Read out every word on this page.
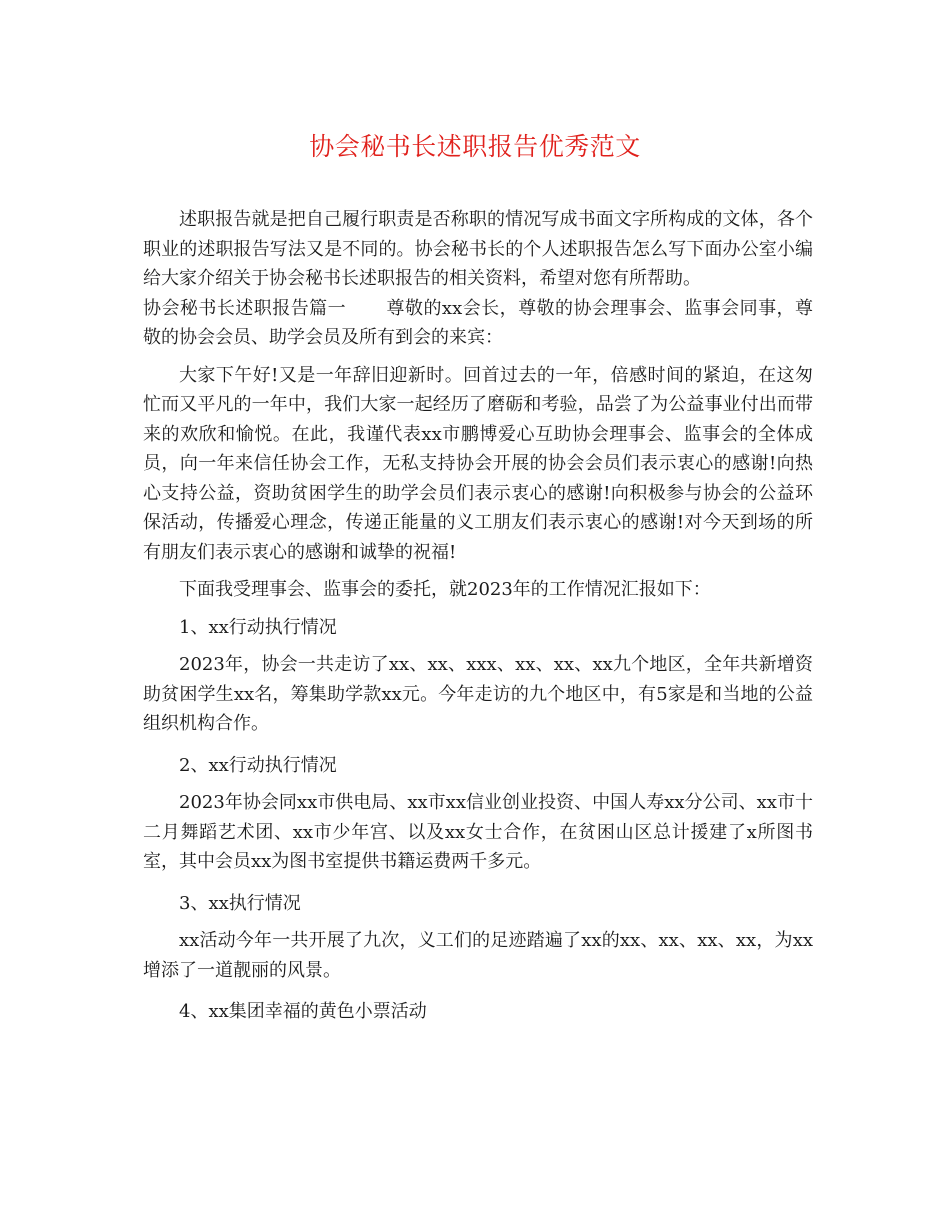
协会秘书长述职报告优秀范文

述职报告就是把自己履行职责是否称职的情况写成书面文字所构成的文体，各个职业的述职报告写法又是不同的。协会秘书长的个人述职报告怎么写下面办公室小编给大家介绍关于协会秘书长述职报告的相关资料，希望对您有所帮助。

协会秘书长述职报告篇一 尊敬的xx会长，尊敬的协会理事会、监事会同事，尊敬的协会会员、助学会员及所有到会的来宾：

大家下午好!又是一年辞旧迎新时。回首过去的一年，倍感时间的紧迫，在这匆忙而又平凡的一年中，我们大家一起经历了磨砺和考验，品尝了为公益事业付出而带来的欢欣和愉悦。在此，我谨代表xx市鹏博爱心互助协会理事会、监事会的全体成员，向一年来信任协会工作，无私支持协会开展的协会会员们表示衷心的感谢!向热心支持公益，资助贫困学生的助学会员们表示衷心的感谢!向积极参与协会的公益环保活动，传播爱心理念，传递正能量的义工朋友们表示衷心的感谢!对今天到场的所有朋友们表示衷心的感谢和诚挚的祝福!

下面我受理事会、监事会的委托，就2023年的工作情况汇报如下：

1、xx行动执行情况

2023年，协会一共走访了xx、xx、xxx、xx、xx、xx九个地区，全年共新增资助贫困学生xx名，筹集助学款xx元。今年走访的九个地区中，有5家是和当地的公益组织机构合作。

2、xx行动执行情况

2023年协会同xx市供电局、xx市xx信业创业投资、中国人寿xx分公司、xx市十二月舞蹈艺术团、xx市少年宫、以及xx女士合作，在贫困山区总计援建了x所图书室，其中会员xx为图书室提供书籍运费两千多元。

3、xx执行情况

xx活动今年一共开展了九次，义工们的足迹踏遍了xx的xx、xx、xx、xx，为xx增添了一道靓丽的风景。

4、xx集团幸福的黄色小票活动
